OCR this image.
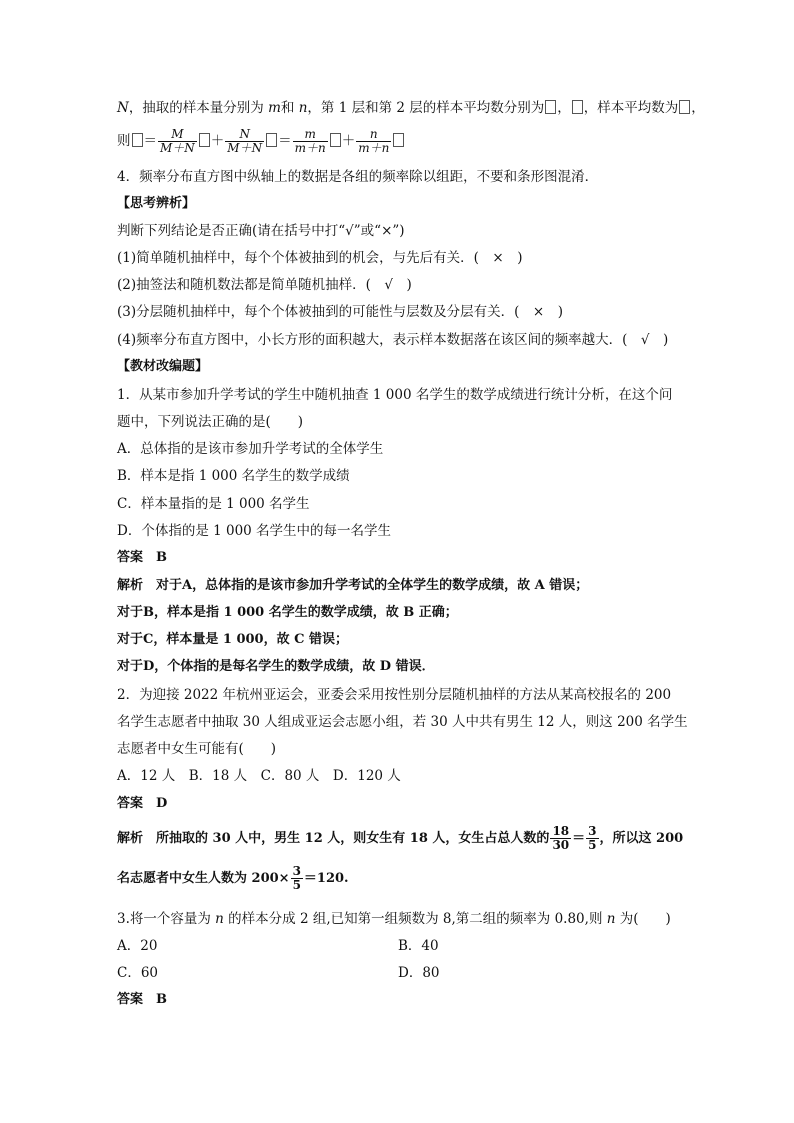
N，抽取的样本量分别为 m和 n，第 1 层和第 2 层的样本平均数分别为 ， ，样本平均数为 ，
则 ＝ $\frac{M}{M+N} + \frac{N}{M+N} = \frac{m}{m+n} + \frac{n}{m+n}$
4．频率分布直方图中纵轴上的数据是各组的频率除以组距，不要和条形图混淆．
【思考辨析】
判断下列结论是否正确(请在括号中打“√”或“×”)
(1)简单随机抽样中，每个个体被抽到的机会，与先后有关．(　×　)
(2)抽签法和随机数法都是简单随机抽样．(　√　)
(3)分层随机抽样中，每个个体被抽到的可能性与层数及分层有关．(　×　)
(4)频率分布直方图中，小长方形的面积越大，表示样本数据落在该区间的频率越大．(　√　)
【教材改编题】
1．从某市参加升学考试的学生中随机抽查 1 000 名学生的数学成绩进行统计分析，在这个问
题中，下列说法正确的是(　　)
A．总体指的是该市参加升学考试的全体学生
B．样本是指 1 000 名学生的数学成绩
C．样本量指的是 1 000 名学生
D．个体指的是 1 000 名学生中的每一名学生
答案　B
解析　对于A，总体指的是该市参加升学考试的全体学生的数学成绩，故 A 错误；
对于B，样本是指 1 000 名学生的数学成绩，故 B 正确；
对于C，样本量是 1 000，故 C 错误；
对于D，个体指的是每名学生的数学成绩，故 D 错误．
2．为迎接 2022 年杭州亚运会，亚委会采用按性别分层随机抽样的方法从某高校报名的 200
名学生志愿者中抽取 30 人组成亚运会志愿小组，若 30 人中共有男生 12 人，则这 200 名学生
志愿者中女生可能有(　　)
A．12 人　B．18 人　C．80 人　D．120 人
答案　D
解析　所抽取的 30 人中，男生 12 人，则女生有 18 人，女生占总人数的 $\frac{18}{30} = \frac{3}{5}$ ，所以这 200
名志愿者中女生人数为 $200\times \frac{3}{5} =120$.
3.将一个容量为 n 的样本分成 2 组,已知第一组频数为 8,第二组的频率为 0.80,则 n 为(　　)
A．20	B．40
C．60	D．80
答案　B
